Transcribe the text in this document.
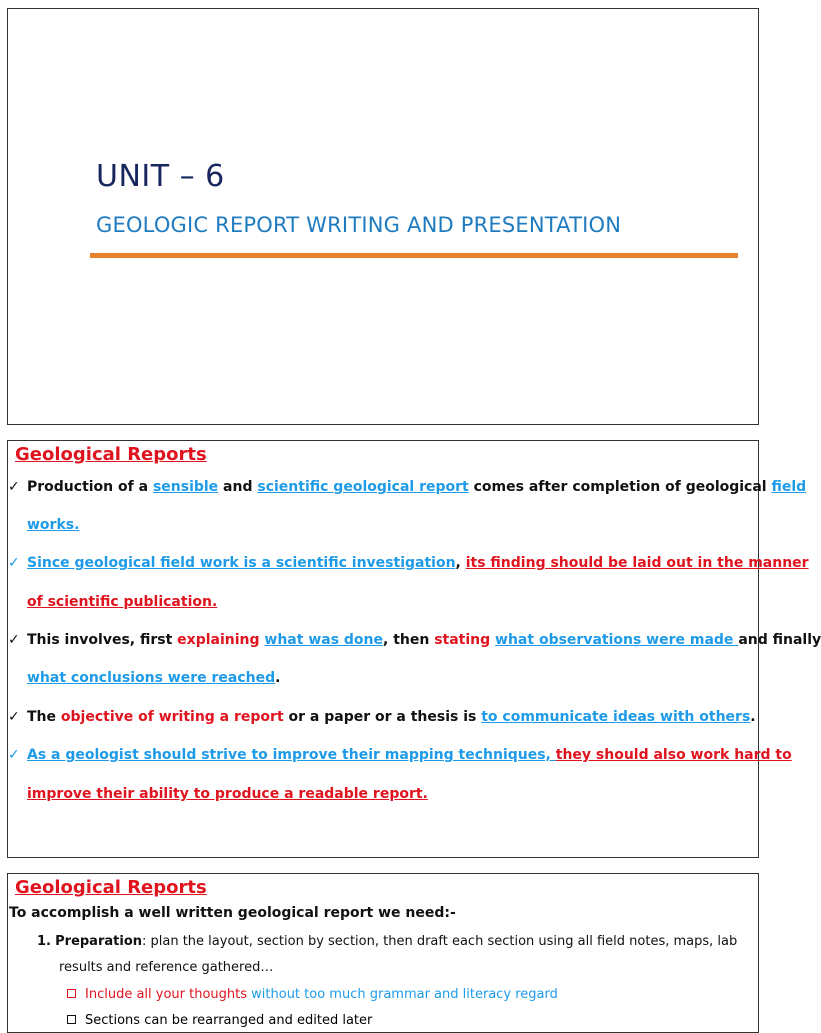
UNIT – 6
GEOLOGIC REPORT WRITING AND PRESENTATION
Geological Reports
✓ Production of a sensible and scientific geological report comes after completion of geological field
works.
✓ Since geological field work is a scientific investigation, its finding should be laid out in the manner
of scientific publication.
✓ This involves, first explaining what was done, then stating what observations were made and finally
what conclusions were reached.
✓ The objective of writing a report or a paper or a thesis is to communicate ideas with others.
✓ As a geologist should strive to improve their mapping techniques, they should also work hard to
improve their ability to produce a readable report.
Geological Reports
To accomplish a well written geological report we need:-
1. Preparation: plan the layout, section by section, then draft each section using all field notes, maps, lab
results and reference gathered…
Include all your thoughts without too much grammar and literacy regard
Sections can be rearranged and edited later
